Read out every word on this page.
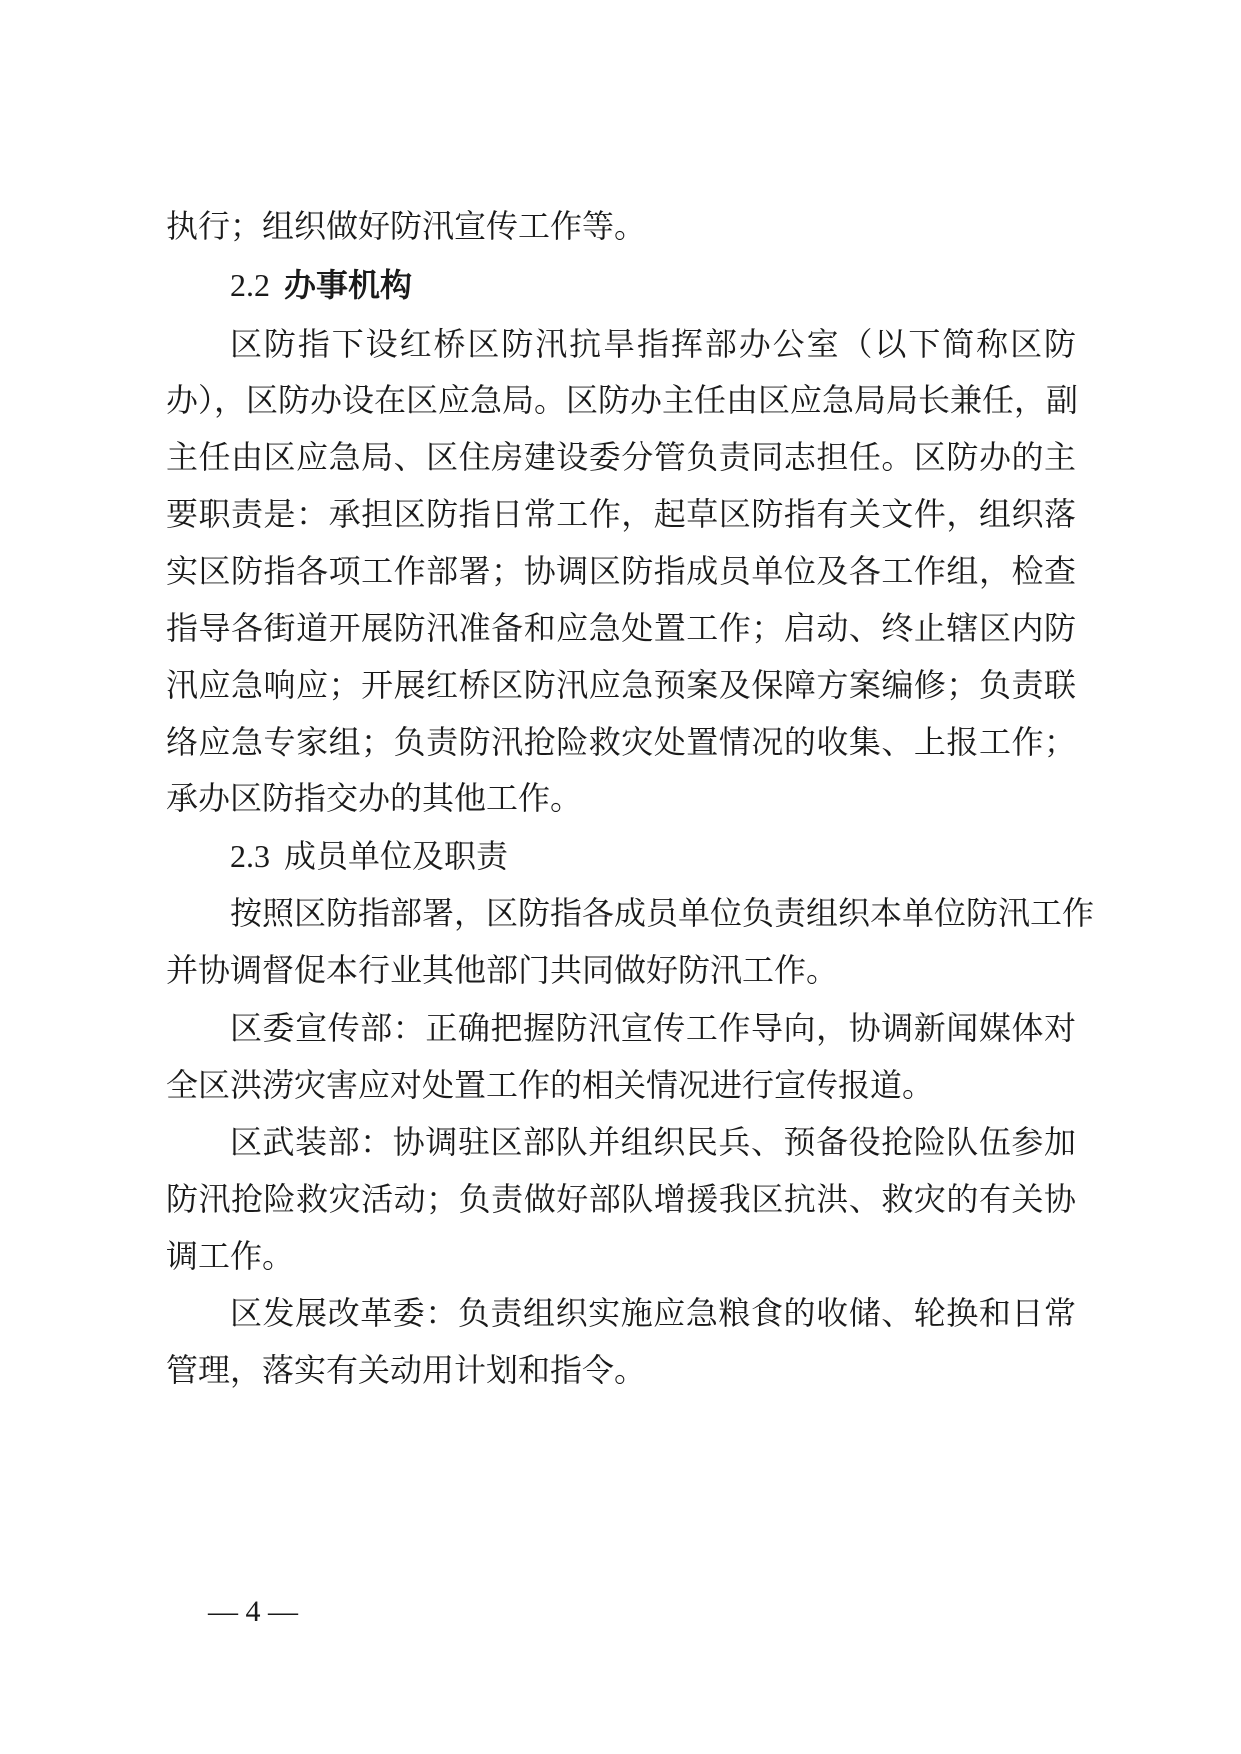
执行；组织做好防汛宣传工作等。
2.2 办事机构
区防指下设红桥区防汛抗旱指挥部办公室（以下简称区防
办），区防办设在区应急局。区防办主任由区应急局局长兼任，副
主任由区应急局、区住房建设委分管负责同志担任。区防办的主
要职责是：承担区防指日常工作，起草区防指有关文件，组织落
实区防指各项工作部署；协调区防指成员单位及各工作组，检查
指导各街道开展防汛准备和应急处置工作；启动、终止辖区内防
汛应急响应；开展红桥区防汛应急预案及保障方案编修；负责联
络应急专家组；负责防汛抢险救灾处置情况的收集、上报工作；
承办区防指交办的其他工作。
2.3 成员单位及职责
按照区防指部署，区防指各成员单位负责组织本单位防汛工作
并协调督促本行业其他部门共同做好防汛工作。
区委宣传部：正确把握防汛宣传工作导向，协调新闻媒体对
全区洪涝灾害应对处置工作的相关情况进行宣传报道。
区武装部：协调驻区部队并组织民兵、预备役抢险队伍参加
防汛抢险救灾活动；负责做好部队增援我区抗洪、救灾的有关协
调工作。
区发展改革委：负责组织实施应急粮食的收储、轮换和日常
管理，落实有关动用计划和指令。
— 4 —
